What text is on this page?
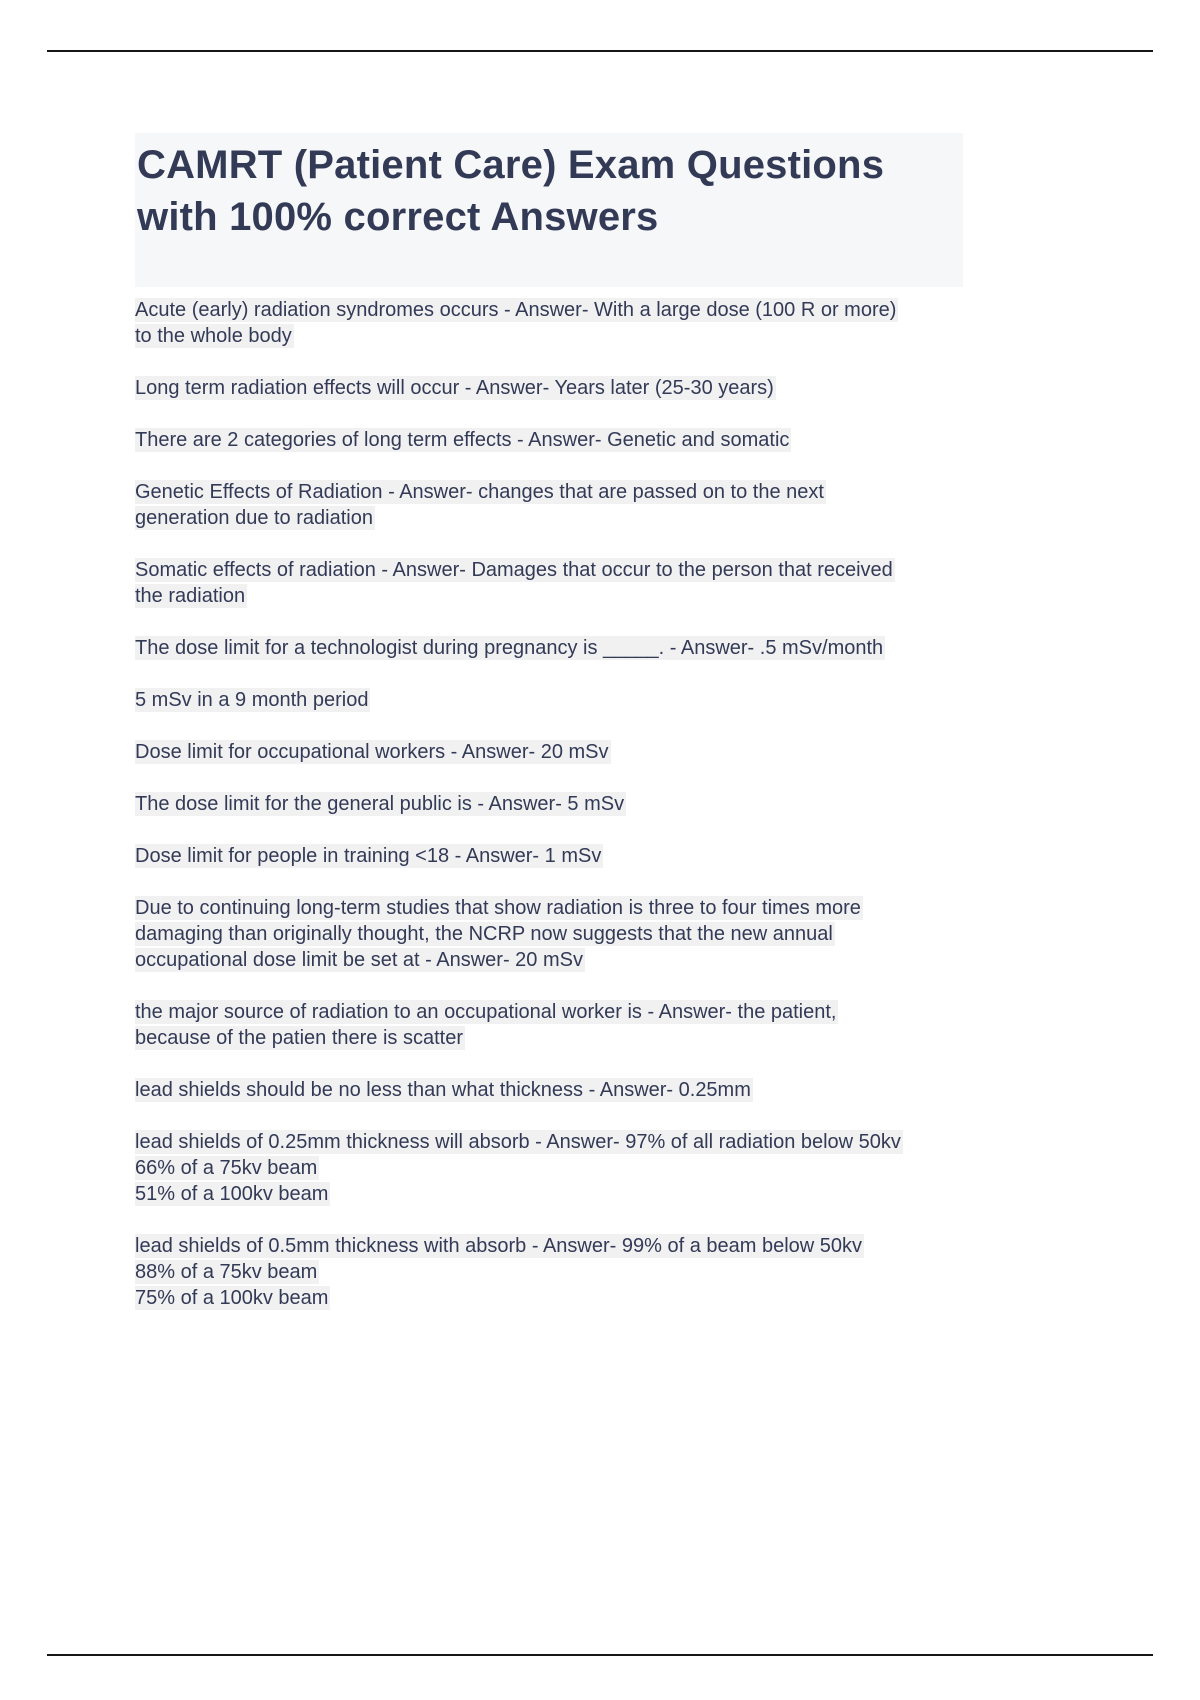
CAMRT (Patient Care) Exam Questions
with 100% correct Answers

Acute (early) radiation syndromes occurs - Answer- With a large dose (100 R or more)
to the whole body

Long term radiation effects will occur - Answer- Years later (25-30 years)

There are 2 categories of long term effects - Answer- Genetic and somatic

Genetic Effects of Radiation - Answer- changes that are passed on to the next
generation due to radiation

Somatic effects of radiation - Answer- Damages that occur to the person that received
the radiation

The dose limit for a technologist during pregnancy is _____. - Answer- .5 mSv/month

5 mSv in a 9 month period

Dose limit for occupational workers - Answer- 20 mSv

The dose limit for the general public is - Answer- 5 mSv

Dose limit for people in training <18 - Answer- 1 mSv

Due to continuing long-term studies that show radiation is three to four times more
damaging than originally thought, the NCRP now suggests that the new annual
occupational dose limit be set at - Answer- 20 mSv

the major source of radiation to an occupational worker is - Answer- the patient,
because of the patien there is scatter

lead shields should be no less than what thickness - Answer- 0.25mm

lead shields of 0.25mm thickness will absorb - Answer- 97% of all radiation below 50kv
66% of a 75kv beam
51% of a 100kv beam

lead shields of 0.5mm thickness with absorb - Answer- 99% of a beam below 50kv
88% of a 75kv beam
75% of a 100kv beam
